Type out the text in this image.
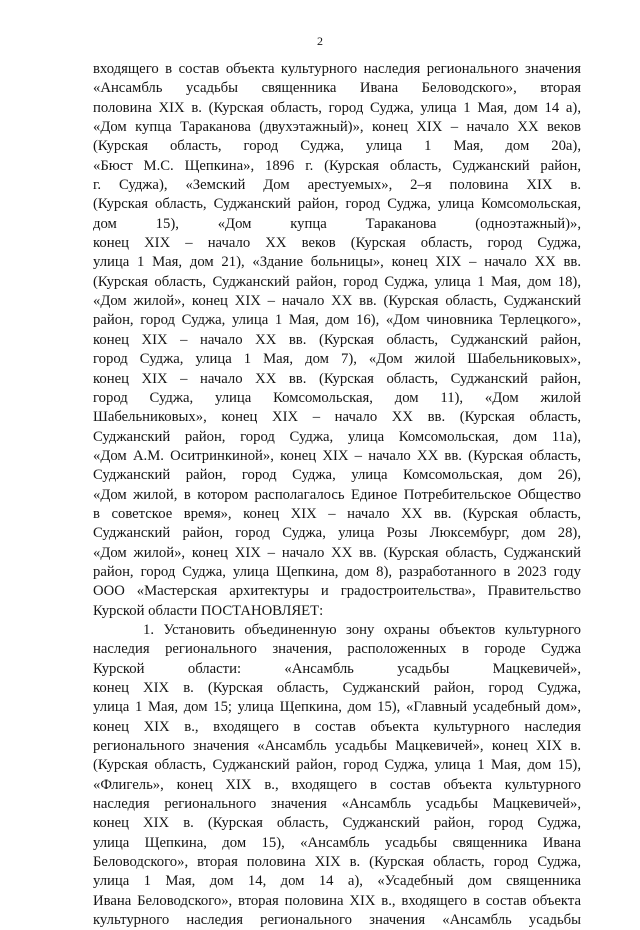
2
входящего в состав объекта культурного наследия регионального значения
«Ансамбль усадьбы священника Ивана Беловодского», вторая
половина XIX в. (Курская область, город Суджа, улица 1 Мая, дом 14 а),
«Дом купца Тараканова (двухэтажный)», конец XIX – начало XX веков
(Курская область, город Суджа, улица 1 Мая, дом 20а),
«Бюст М.С. Щепкина», 1896 г. (Курская область, Суджанский район,
г. Суджа), «Земский Дом арестуемых», 2–я половина XIX в.
(Курская область, Суджанский район, город Суджа, улица Комсомольская,
дом 15), «Дом купца Тараканова (одноэтажный)»,
конец XIX – начало XX веков (Курская область, город Суджа,
улица 1 Мая, дом 21), «Здание больницы», конец XIX – начало XX вв.
(Курская область, Суджанский район, город Суджа, улица 1 Мая, дом 18),
«Дом жилой», конец XIX – начало XX вв. (Курская область, Суджанский
район, город Суджа, улица 1 Мая, дом 16), «Дом чиновника Терлецкого»,
конец XIX – начало XX вв. (Курская область, Суджанский район,
город Суджа, улица 1 Мая, дом 7), «Дом жилой Шабельниковых»,
конец XIX – начало XX вв. (Курская область, Суджанский район,
город Суджа, улица Комсомольская, дом 11), «Дом жилой
Шабельниковых», конец XIX – начало XX вв. (Курская область,
Суджанский район, город Суджа, улица Комсомольская, дом 11а),
«Дом А.М. Оситринкиной», конец XIX – начало XX вв. (Курская область,
Суджанский район, город Суджа, улица Комсомольская, дом 26),
«Дом жилой, в котором располагалось Единое Потребительское Общество
в советское время», конец XIX – начало XX вв. (Курская область,
Суджанский район, город Суджа, улица Розы Люксембург, дом 28),
«Дом жилой», конец XIX – начало XX вв. (Курская область, Суджанский
район, город Суджа, улица Щепкина, дом 8), разработанного в 2023 году
ООО «Мастерская архитектуры и градостроительства», Правительство
Курской области ПОСТАНОВЛЯЕТ:
1. Установить объединенную зону охраны объектов культурного
наследия регионального значения, расположенных в городе Суджа
Курской области: «Ансамбль усадьбы Мацкевичей»,
конец XIX в. (Курская область, Суджанский район, город Суджа,
улица 1 Мая, дом 15; улица Щепкина, дом 15), «Главный усадебный дом»,
конец XIX в., входящего в состав объекта культурного наследия
регионального значения «Ансамбль усадьбы Мацкевичей», конец XIX в.
(Курская область, Суджанский район, город Суджа, улица 1 Мая, дом 15),
«Флигель», конец XIX в., входящего в состав объекта культурного
наследия регионального значения «Ансамбль усадьбы Мацкевичей»,
конец XIX в. (Курская область, Суджанский район, город Суджа,
улица Щепкина, дом 15), «Ансамбль усадьбы священника Ивана
Беловодского», вторая половина XIX в. (Курская область, город Суджа,
улица 1 Мая, дом 14, дом 14 а), «Усадебный дом священника
Ивана Беловодского», вторая половина XIX в., входящего в состав объекта
культурного наследия регионального значения «Ансамбль усадьбы
